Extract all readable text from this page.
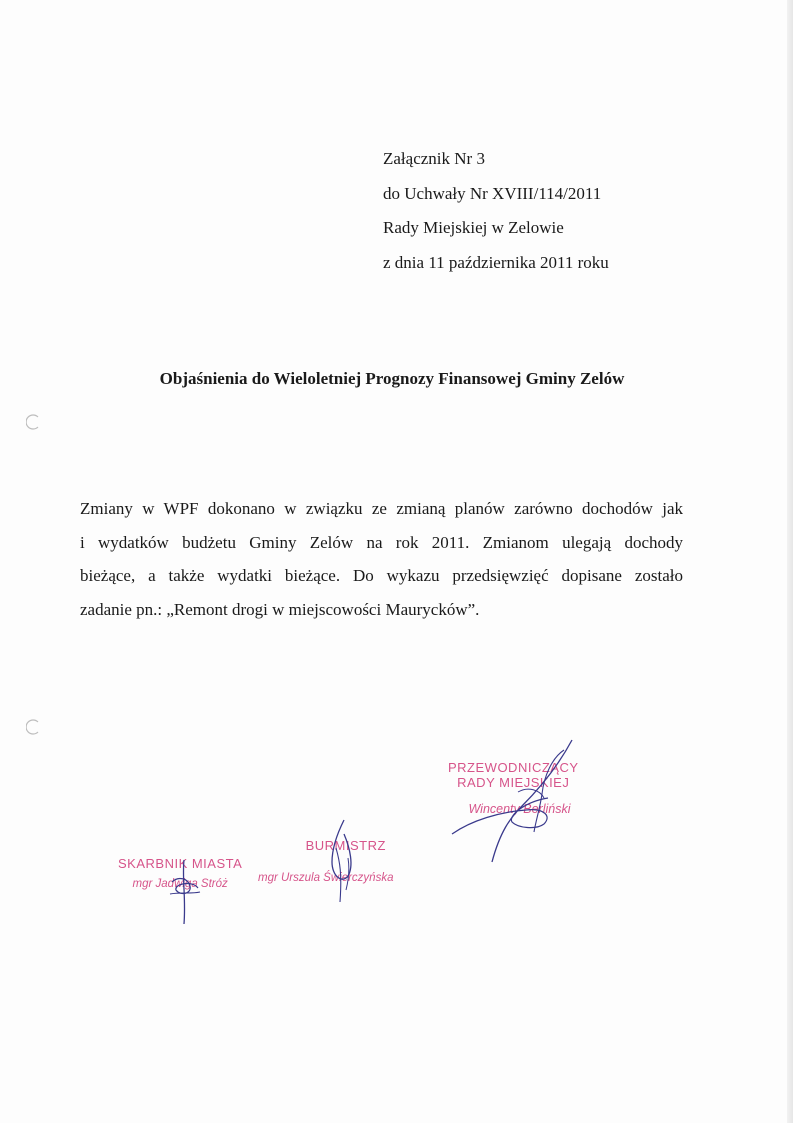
Załącznik Nr 3
do Uchwały Nr XVIII/114/2011
Rady Miejskiej w Zelowie
z dnia 11 października 2011 roku
Objaśnienia do Wieloletniej Prognozy Finansowej Gminy Zelów
Zmiany w WPF dokonano w związku ze zmianą planów zarówno dochodów jak
i wydatków budżetu Gminy Zelów na rok 2011. Zmianom ulegają dochody
bieżące, a także wydatki bieżące. Do wykazu przedsięwzięć dopisane zostało
zadanie pn.: „Remont drogi w miejscowości Maurycków”.
SKARBNIK MIASTA
mgr Jadwiga Stróż
BURMISTRZ
mgr Urszula Świerczyńska
PRZEWODNICZĄCY
RADY MIEJSKIEJ
Wincenty Berliński
